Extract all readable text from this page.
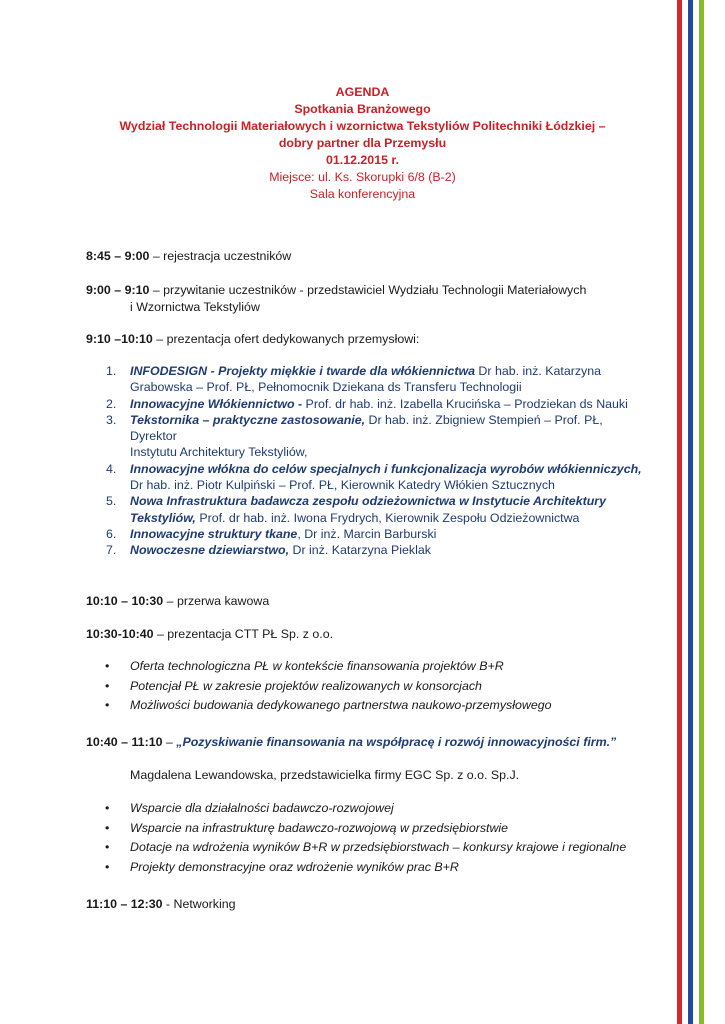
AGENDA
Spotkania Branżowego
Wydział Technologii Materiałowych i wzornictwa Tekstyliów Politechniki Łódzkiej –
dobry partner dla Przemysłu
01.12.2015 r.
Miejsce: ul. Ks. Skorupki 6/8 (B-2)
Sala konferencyjna
8:45 – 9:00 – rejestracja uczestników
9:00 – 9:10 – przywitanie uczestników - przedstawiciel Wydziału Technologii Materiałowych
i Wzornictwa Tekstyliów
9:10 –10:10 – prezentacja ofert dedykowanych przemysłowi:
1. INFODESIGN - Projekty miękkie i twarde dla włókiennictwa Dr hab. inż. Katarzyna
Grabowska – Prof. PŁ, Pełnomocnik Dziekana ds Transferu Technologii
2. Innowacyjne Włókiennictwo - Prof. dr hab. inż. Izabella Krucińska – Prodziekan ds Nauki
3. Tekstornika – praktyczne zastosowanie, Dr hab. inż. Zbigniew Stempień – Prof. PŁ, Dyrektor
Instytutu Architektury Tekstyliów,
4. Innowacyjne włókna do celów specjalnych i funkcjonalizacja wyrobów włókienniczych,
Dr hab. inż. Piotr Kulpiński – Prof. PŁ, Kierownik Katedry Włókien Sztucznych
5. Nowa Infrastruktura badawcza zespołu odzieżownictwa w Instytucie Architektury
Tekstyliów, Prof. dr hab. inż. Iwona Frydrych, Kierownik Zespołu Odzieżownictwa
6. Innowacyjne struktury tkane, Dr inż. Marcin Barburski
7. Nowoczesne dziewiarstwo, Dr inż. Katarzyna Pieklak
10:10 – 10:30 – przerwa kawowa
10:30-10:40 – prezentacja CTT PŁ Sp. z o.o.
• Oferta technologiczna PŁ w kontekście finansowania projektów B+R
• Potencjał PŁ w zakresie projektów realizowanych w konsorcjach
• Możliwości budowania dedykowanego partnerstwa naukowo-przemysłowego
10:40 – 11:10 – „Pozyskiwanie finansowania na współpracę i rozwój innowacyjności firm.”
Magdalena Lewandowska, przedstawicielka firmy EGC Sp. z o.o. Sp.J.
• Wsparcie dla działalności badawczo-rozwojowej
• Wsparcie na infrastrukturę badawczo-rozwojową w przedsiębiorstwie
• Dotacje na wdrożenia wyników B+R w przedsiębiorstwach – konkursy krajowe i regionalne
• Projekty demonstracyjne oraz wdrożenie wyników prac B+R
11:10 – 12:30 - Networking
